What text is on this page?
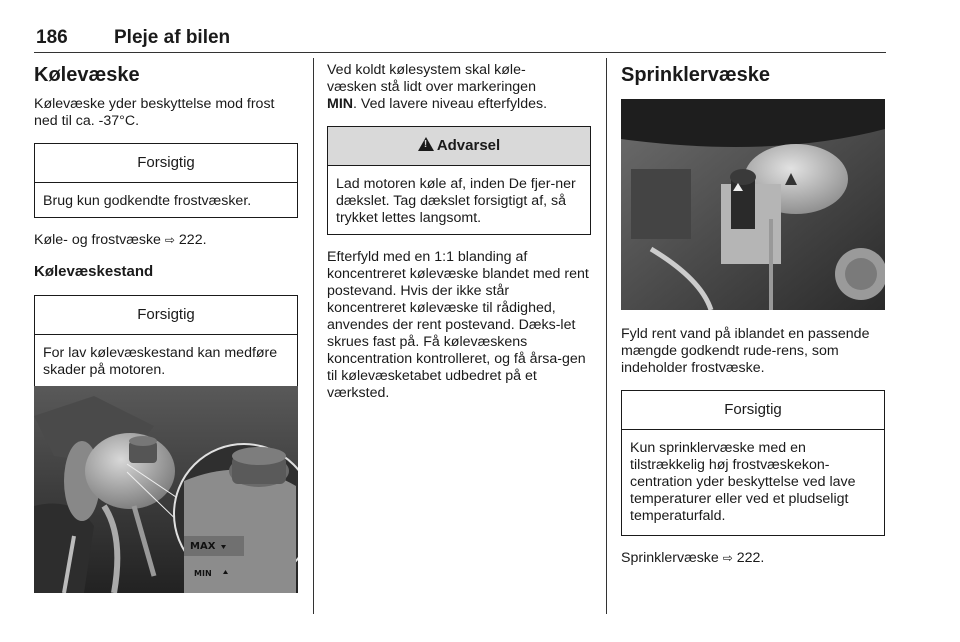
186 Pleje af bilen
Kølevæske

Kølevæske yder beskyttelse mod frost ned til ca. -37°C.

Forsigtig
Brug kun godkendte frostvæsker.

Køle- og frostvæske ⇨ 222.

Kølevæskestand
Forsigtig
For lav kølevæskestand kan medføre skader på motoren.
MAX
MIN

Ved koldt kølesystem skal køle-
væsken stå lidt over markeringen
MIN. Ved lavere niveau efterfyldes.

!Advarsel
Lad motoren køle af, inden De fjer-ner dækslet. Tag dækslet forsigtigt af, så trykket lettes langsomt.

Efterfyld med en 1:1 blanding af koncentreret kølevæske blandet med rent postevand. Hvis der ikke står koncentreret kølevæske til rådighed, anvendes der rent postevand. Dæks-let skrues fast på. Få kølevæskens koncentration kontrolleret, og få årsa-gen til kølevæsketabet udbedret på et værksted.

Sprinklervæske

Fyld rent vand på iblandet en passende mængde godkendt rude-rens, som indeholder frostvæske.

Forsigtig
Kun sprinklervæske med en tilstrækkelig høj frostvæskekon-centration yder beskyttelse ved lave temperaturer eller ved et pludseligt temperaturfald.

Sprinklervæske ⇨ 222.
